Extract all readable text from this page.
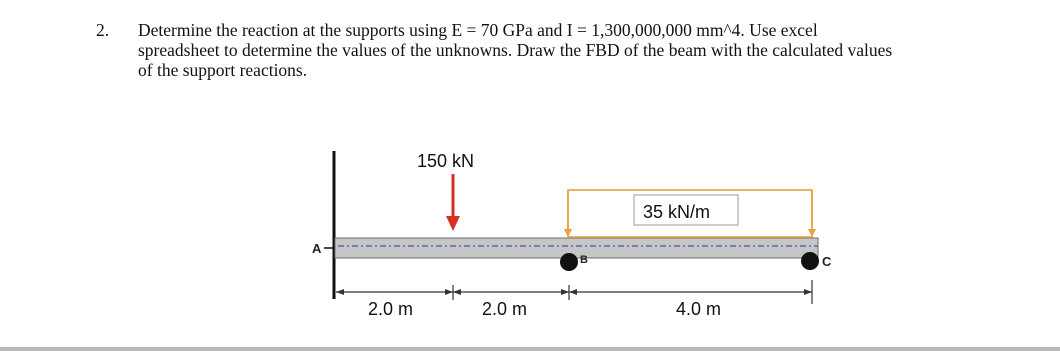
2. Determine the reaction at the supports using E = 70 GPa and I = 1,300,000,000 mm^4. Use excel
spreadsheet to determine the values of the unknowns. Draw the FBD of the beam with the calculated values
of the support reactions.
A
150 kN
35 kN/m
B	C
2.0 m	2.0 m	4.0 m
